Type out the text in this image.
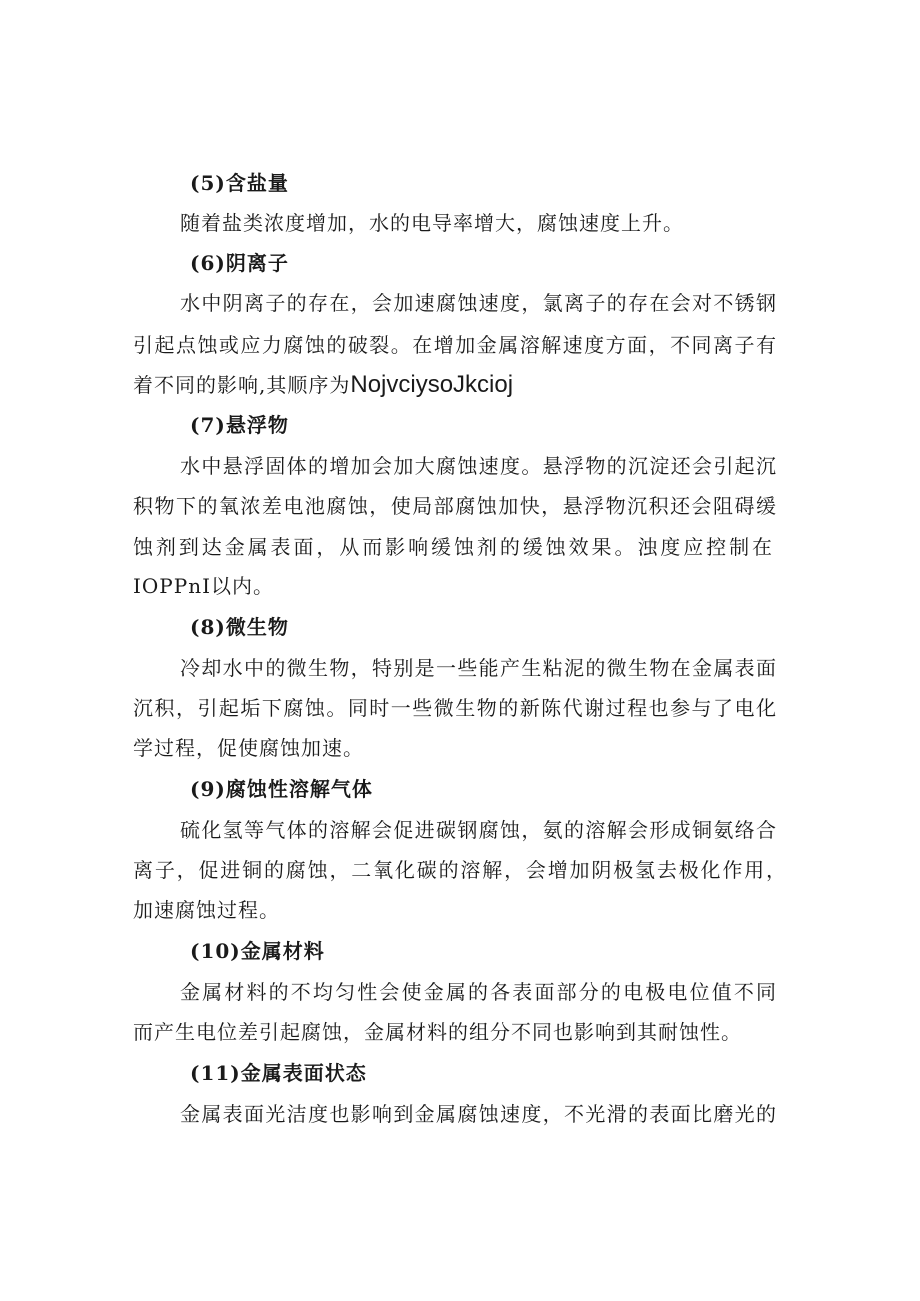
(5)含盐量
随着盐类浓度增加，水的电导率增大，腐蚀速度上升。
(6)阴离子
水中阴离子的存在，会加速腐蚀速度，氯离子的存在会对不锈钢
引起点蚀或应力腐蚀的破裂。在增加金属溶解速度方面，不同离子有
着不同的影响,其顺序为NojvciysoJkcioj
(7)悬浮物
水中悬浮固体的增加会加大腐蚀速度。悬浮物的沉淀还会引起沉
积物下的氧浓差电池腐蚀，使局部腐蚀加快，悬浮物沉积还会阻碍缓
蚀剂到达金属表面，从而影响缓蚀剂的缓蚀效果。浊度应控制在
IOPPnI以内。
(8)微生物
冷却水中的微生物，特别是一些能产生粘泥的微生物在金属表面
沉积，引起垢下腐蚀。同时一些微生物的新陈代谢过程也参与了电化
学过程，促使腐蚀加速。
(9)腐蚀性溶解气体
硫化氢等气体的溶解会促进碳钢腐蚀，氨的溶解会形成铜氨络合
离子，促进铜的腐蚀，二氧化碳的溶解，会增加阴极氢去极化作用，
加速腐蚀过程。
(10)金属材料
金属材料的不均匀性会使金属的各表面部分的电极电位值不同
而产生电位差引起腐蚀，金属材料的组分不同也影响到其耐蚀性。
(11)金属表面状态
金属表面光洁度也影响到金属腐蚀速度，不光滑的表面比磨光的
